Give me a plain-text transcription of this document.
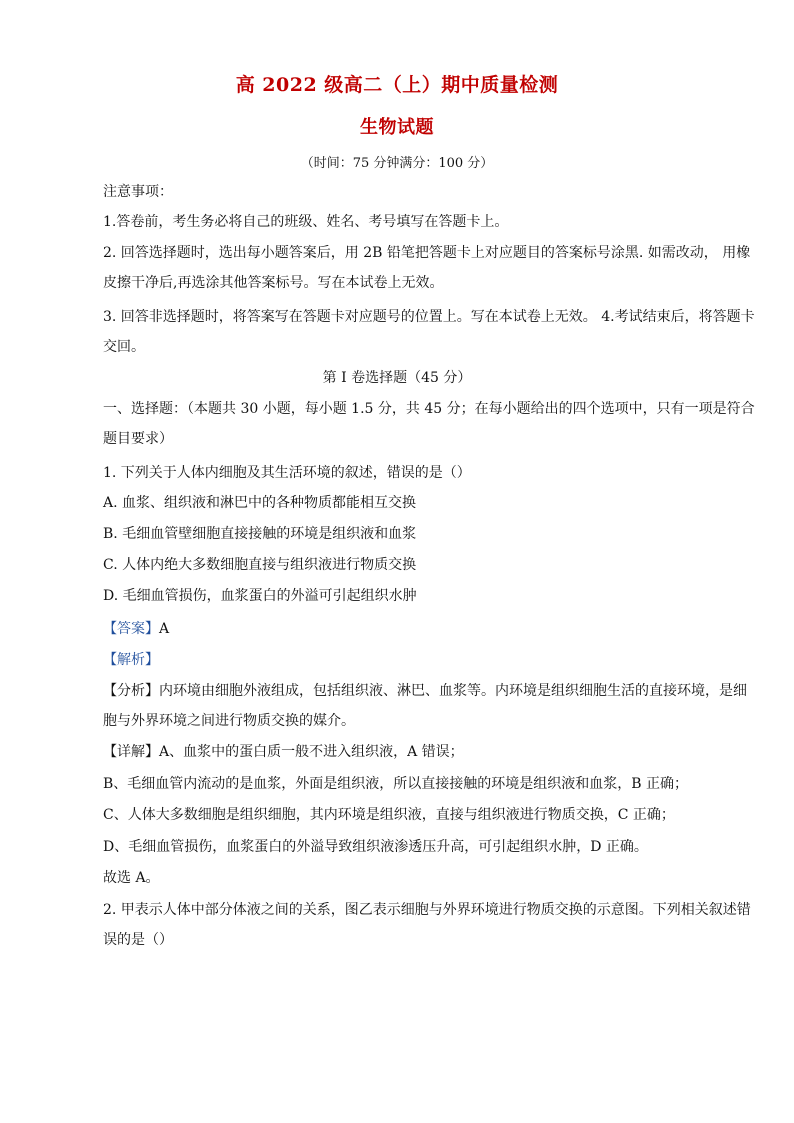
高 2022 级高二（上）期中质量检测
生物试题
（时间：75 分钟满分：100 分）
注意事项：
1.答卷前，考生务必将自己的班级、姓名、考号填写在答题卡上。
2. 回答选择题时，选出每小题答案后，用 2B 铅笔把答题卡上对应题目的答案标号涂黑. 如需改动， 用橡
皮擦干净后,再选涂其他答案标号。写在本试卷上无效。
3. 回答非选择题时，将答案写在答题卡对应题号的位置上。写在本试卷上无效。 4.考试结束后，将答题卡
交回。
第 I 卷选择题（45 分）
一、选择题：（本题共 30 小题，每小题 1.5 分，共 45 分；在每小题给出的四个选项中，只有一项是符合
题目要求）
1. 下列关于人体内细胞及其生活环境的叙述，错误的是（）
A. 血浆、组织液和淋巴中的各种物质都能相互交换
B. 毛细血管壁细胞直接接触的环境是组织液和血浆
C. 人体内绝大多数细胞直接与组织液进行物质交换
D. 毛细血管损伤，血浆蛋白的外溢可引起组织水肿
【答案】A
【解析】
【分析】内环境由细胞外液组成，包括组织液、淋巴、血浆等。内环境是组织细胞生活的直接环境，是细
胞与外界环境之间进行物质交换的媒介。
【详解】A、血浆中的蛋白质一般不进入组织液，A 错误；
B、毛细血管内流动的是血浆，外面是组织液，所以直接接触的环境是组织液和血浆，B 正确；
C、人体大多数细胞是组织细胞，其内环境是组织液，直接与组织液进行物质交换，C 正确；
D、毛细血管损伤，血浆蛋白的外溢导致组织液渗透压升高，可引起组织水肿，D 正确。
故选 A。
2. 甲表示人体中部分体液之间的关系，图乙表示细胞与外界环境进行物质交换的示意图。下列相关叙述错
误的是（）
